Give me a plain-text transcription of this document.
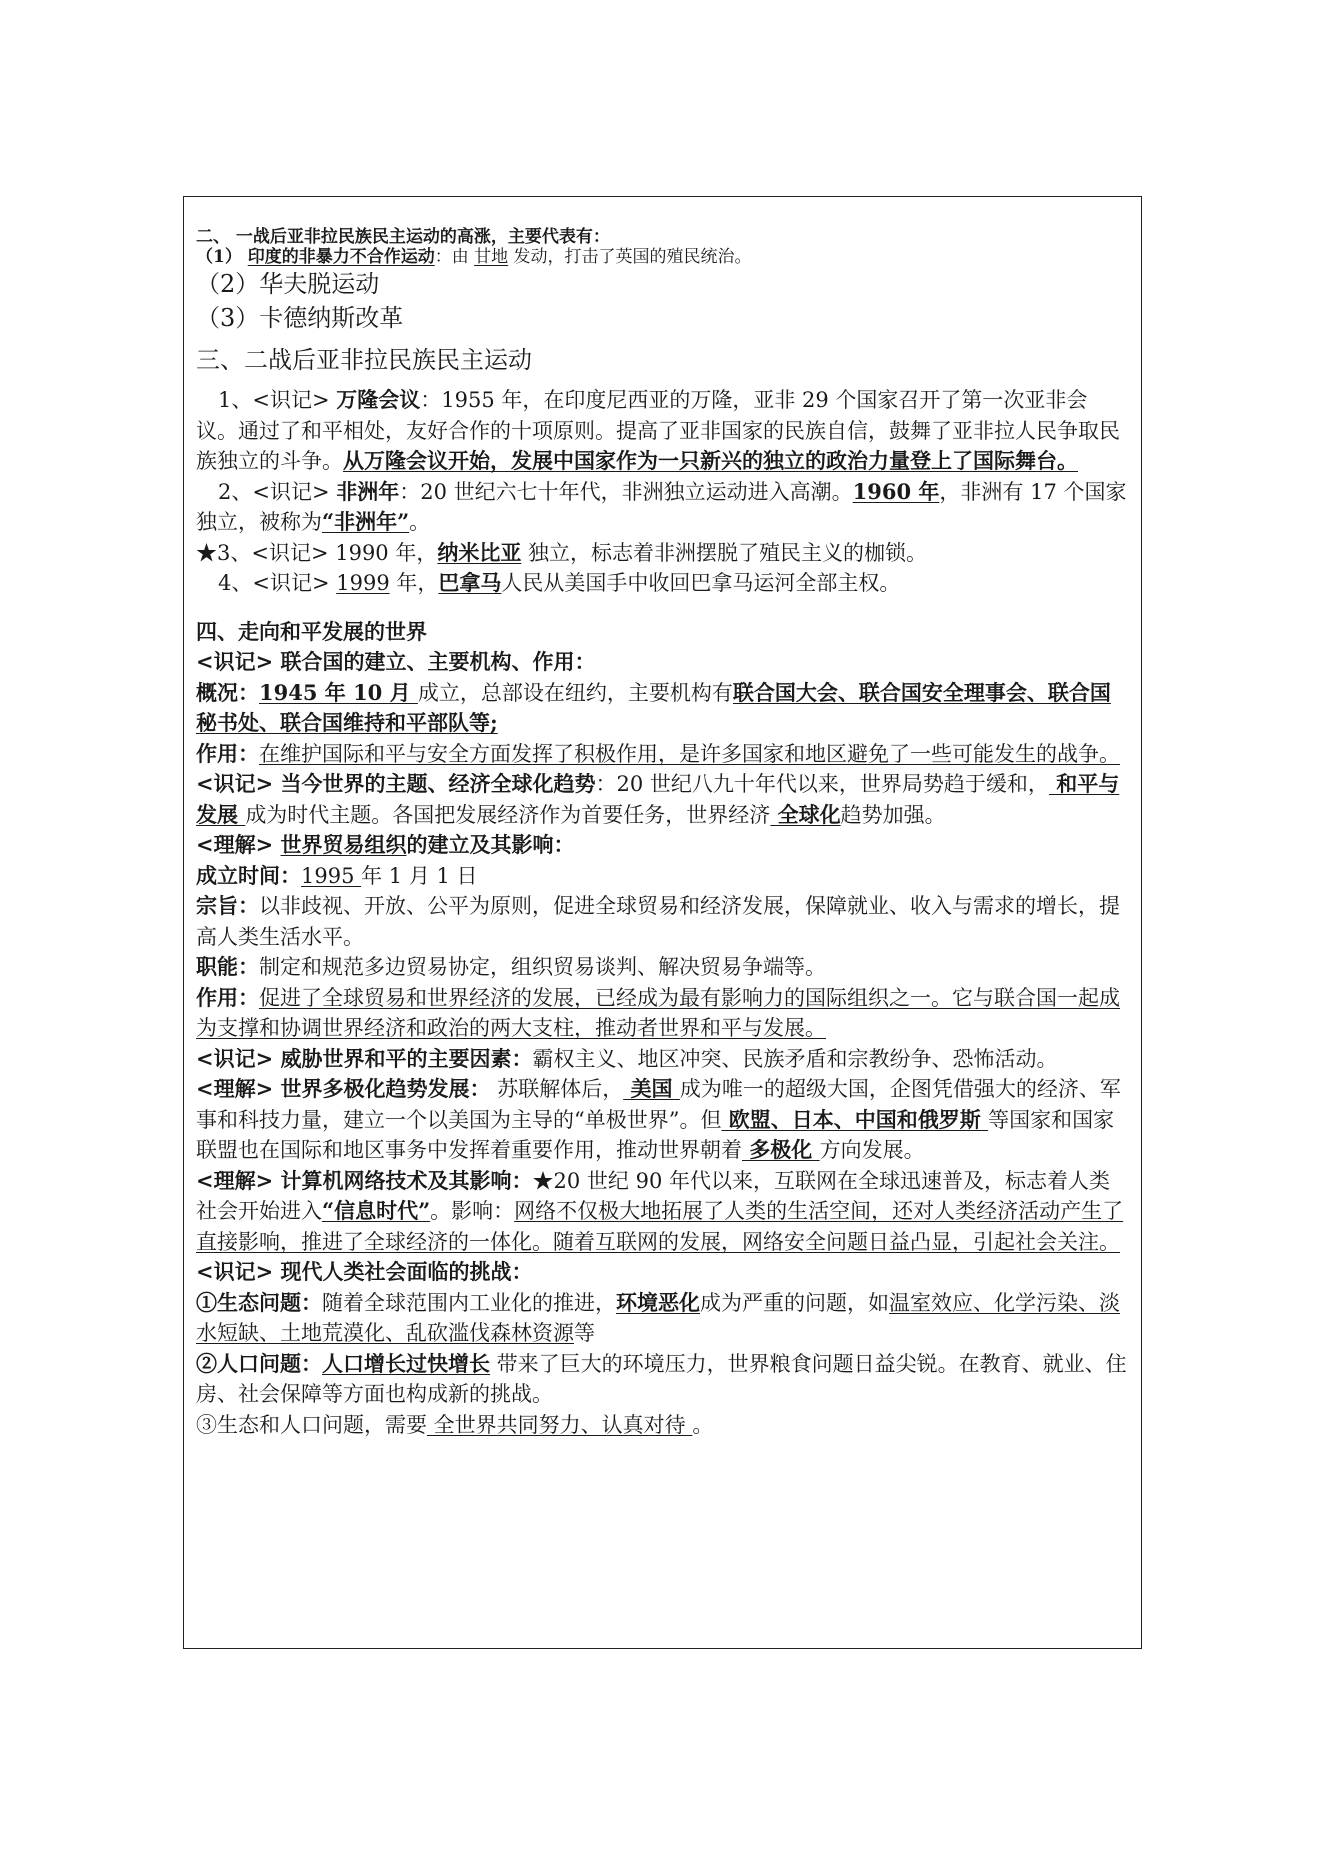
二、 一战后亚非拉民族民主运动的高涨，主要代表有：

（1） 印度的非暴力不合作运动：由 甘地 发动，打击了英国的殖民统治。

（2）华夫脱运动

（3）卡德纳斯改革

三、二战后亚非拉民族民主运动

1、<识记> 万隆会议：1955 年，在印度尼西亚的万隆，亚非 29 个国家召开了第一次亚非会议。通过了和平相处，友好合作的十项原则。提高了亚非国家的民族自信，鼓舞了亚非拉人民争取民族独立的斗争。从万隆会议开始，发展中国家作为一只新兴的独立的政治力量登上了国际舞台。

2、<识记> 非洲年：20 世纪六七十年代，非洲独立运动进入高潮。1960 年，非洲有 17 个国家独立，被称为“非洲年”。

★3、<识记> 1990 年，纳米比亚 独立，标志着非洲摆脱了殖民主义的枷锁。

4、<识记> 1999 年，巴拿马人民从美国手中收回巴拿马运河全部主权。

四、走向和平发展的世界

<识记> 联合国的建立、主要机构、作用：

概况：1945 年 10 月 成立，总部设在纽约，主要机构有联合国大会、联合国安全理事会、联合国秘书处、联合国维持和平部队等;

作用：在维护国际和平与安全方面发挥了积极作用，是许多国家和地区避免了一些可能发生的战争。

<识记> 当今世界的主题、经济全球化趋势：20 世纪八九十年代以来，世界局势趋于缓和， 和平与发展 成为时代主题。各国把发展经济作为首要任务，世界经济 全球化趋势加强。

<理解> 世界贸易组织的建立及其影响：

成立时间：1995 年 1 月 1 日

宗旨：以非歧视、开放、公平为原则，促进全球贸易和经济发展，保障就业、收入与需求的增长，提高人类生活水平。

职能：制定和规范多边贸易协定，组织贸易谈判、解决贸易争端等。

作用：促进了全球贸易和世界经济的发展，已经成为最有影响力的国际组织之一。它与联合国一起成为支撑和协调世界经济和政治的两大支柱，推动者世界和平与发展。

<识记> 威胁世界和平的主要因素：霸权主义、地区冲突、民族矛盾和宗教纷争、恐怖活动。

<理解> 世界多极化趋势发展： 苏联解体后， 美国 成为唯一的超级大国，企图凭借强大的经济、军事和科技力量，建立一个以美国为主导的“单极世界”。但 欧盟、日本、中国和俄罗斯 等国家和国家联盟也在国际和地区事务中发挥着重要作用，推动世界朝着 多极化 方向发展。

<理解> 计算机网络技术及其影响：★20 世纪 90 年代以来，互联网在全球迅速普及，标志着人类社会开始进入“信息时代”。影响：网络不仅极大地拓展了人类的生活空间，还对人类经济活动产生了直接影响，推进了全球经济的一体化。随着互联网的发展，网络安全问题日益凸显，引起社会关注。

<识记> 现代人类社会面临的挑战：

①生态问题：随着全球范围内工业化的推进，环境恶化成为严重的问题，如温室效应、化学污染、淡水短缺、土地荒漠化、乱砍滥伐森林资源等

②人口问题：人口增长过快增长 带来了巨大的环境压力，世界粮食问题日益尖锐。在教育、就业、住房、社会保障等方面也构成新的挑战。

③生态和人口问题，需要 全世界共同努力、认真对待 。
